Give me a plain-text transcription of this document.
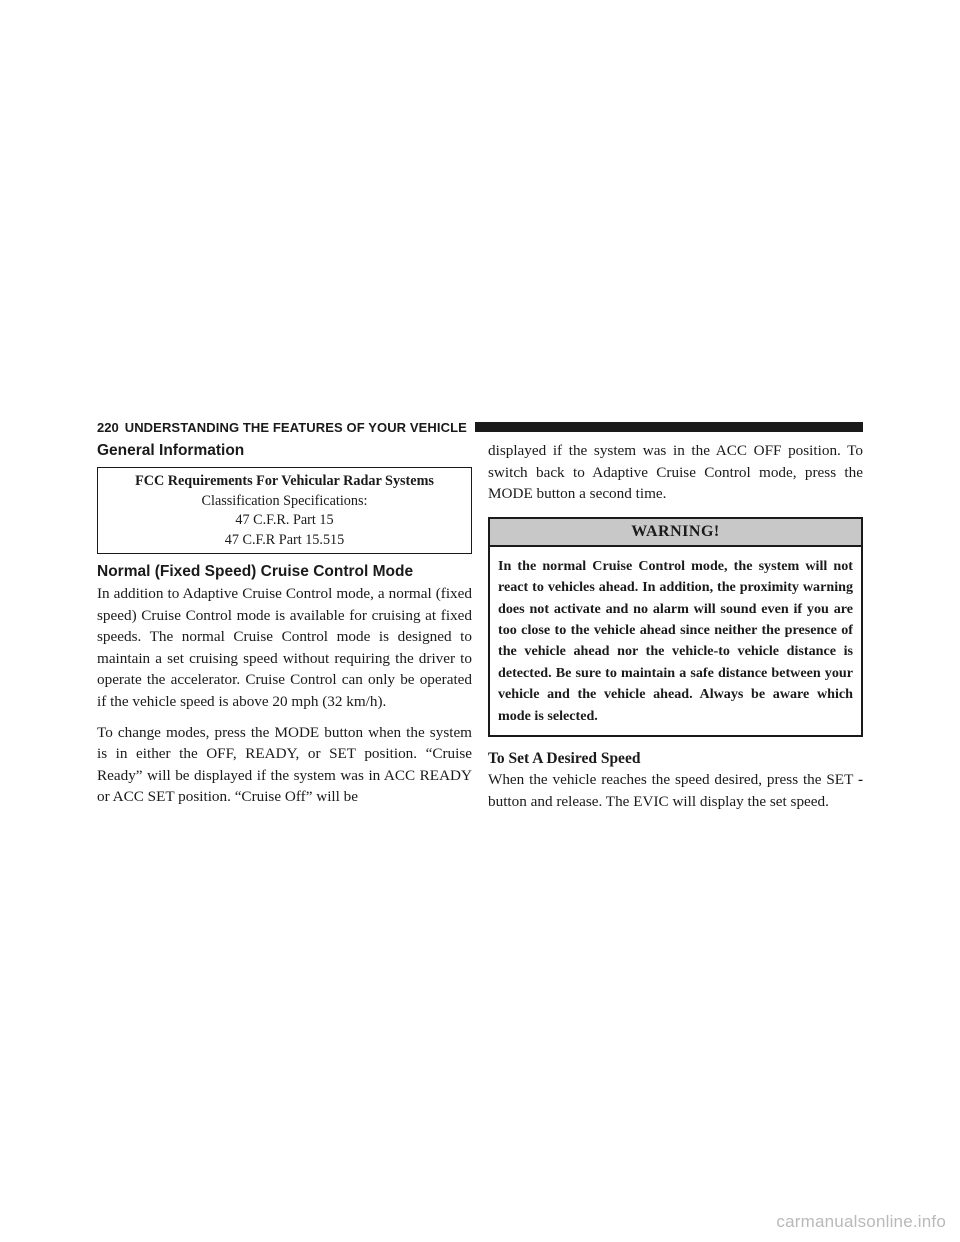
220 UNDERSTANDING THE FEATURES OF YOUR VEHICLE
General Information
FCC Requirements For Vehicular Radar Systems
Classification Specifications:
47 C.F.R. Part 15
47 C.F.R Part 15.515
Normal (Fixed Speed) Cruise Control Mode

In addition to Adaptive Cruise Control mode, a normal (fixed speed) Cruise Control mode is available for cruising at fixed speeds. The normal Cruise Control mode is designed to maintain a set cruising speed without requiring the driver to operate the accelerator. Cruise Control can only be operated if the vehicle speed is above 20 mph (32 km/h).

To change modes, press the MODE button when the system is in either the OFF, READY, or SET position. “Cruise Ready” will be displayed if the system was in ACC READY or ACC SET position. “Cruise Off” will be

displayed if the system was in the ACC OFF position. To switch back to Adaptive Cruise Control mode, press the MODE button a second time.

WARNING!
In the normal Cruise Control mode, the system will not react to vehicles ahead. In addition, the proximity warning does not activate and no alarm will sound even if you are too close to the vehicle ahead since neither the presence of the vehicle ahead nor the vehicle-to vehicle distance is detected. Be sure to maintain a safe distance between your vehicle and the vehicle ahead. Always be aware which mode is selected.
To Set A Desired Speed

When the vehicle reaches the speed desired, press the SET - button and release. The EVIC will display the set speed.

carmanualsonline.info
